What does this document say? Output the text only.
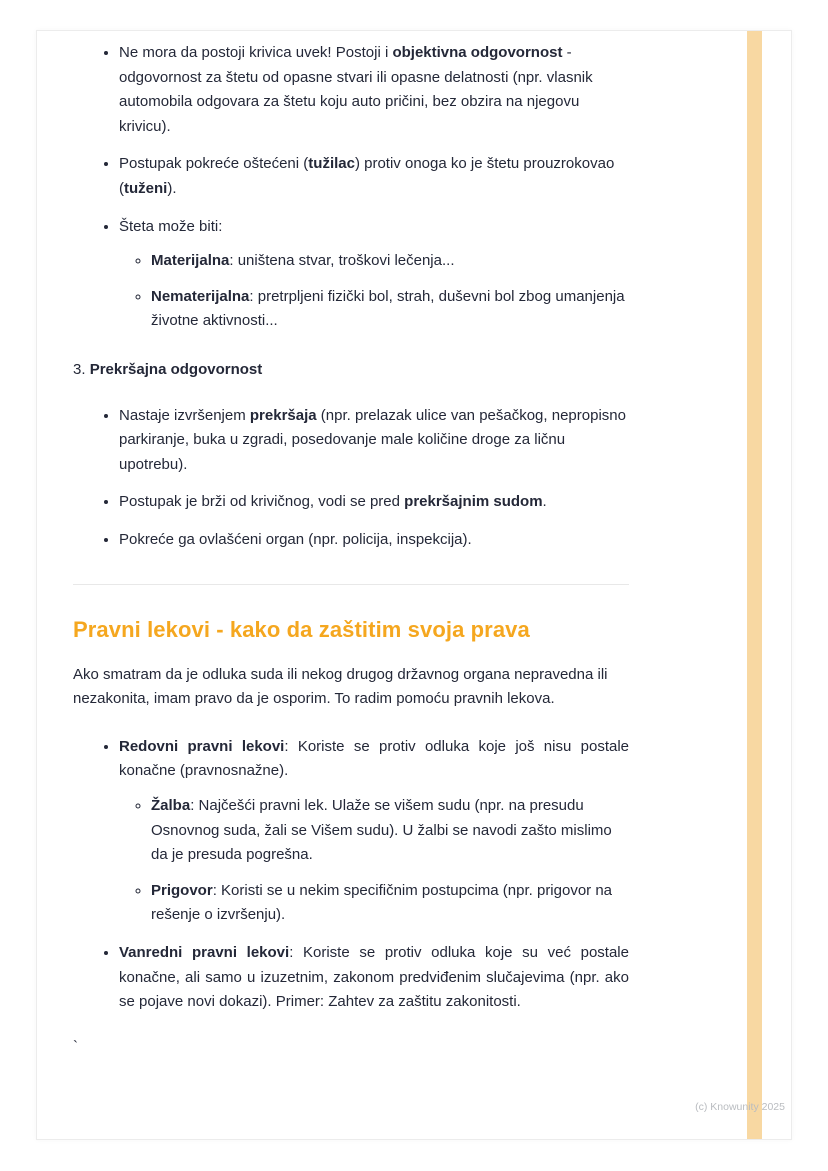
• Ne mora da postoji krivica uvek! Postoji i objektivna odgovornost - odgovornost za štetu od opasne stvari ili opasne delatnosti (npr. vlasnik automobila odgovara za štetu koju auto pričini, bez obzira na njegovu krivicu).
• Postupak pokreće oštećeni (tužilac) protiv onoga ko je štetu prouzrokovao (tuženi).
• Šteta može biti:
◦ Materijalna: uništena stvar, troškovi lečenja...
◦ Nematerijalna: pretrpljeni fizički bol, strah, duševni bol zbog umanjenja životne aktivnosti...
3. Prekršajna odgovornost
• Nastaje izvršenjem prekršaja (npr. prelazak ulice van pešačkog, nepropisno parkiranje, buka u zgradi, posedovanje male količine droge za ličnu upotrebu).
• Postupak je brži od krivičnog, vodi se pred prekršajnim sudom.
• Pokreće ga ovlašćeni organ (npr. policija, inspekcija).
Pravni lekovi - kako da zaštitim svoja prava

Ako smatram da je odluka suda ili nekog drugog državnog organa nepravedna ili nezakonita, imam pravo da je osporim. To radim pomoću pravnih lekova.

• Redovni pravni lekovi: Koriste se protiv odluka koje još nisu postale konačne (pravnosnažne).
◦ Žalba: Najčešći pravni lek. Ulaže se višem sudu (npr. na presudu Osnovnog suda, žali se Višem sudu). U žalbi se navodi zašto mislimo da je presuda pogrešna.
◦ Prigovor: Koristi se u nekim specifičnim postupcima (npr. prigovor na rešenje o izvršenju).
• Vanredni pravni lekovi: Koriste se protiv odluka koje su već postale konačne, ali samo u izuzetnim, zakonom predviđenim slučajevima (npr. ako se pojave novi dokazi). Primer: Zahtev za zaštitu zakonitosti.
`
(c) Knowunity 2025
